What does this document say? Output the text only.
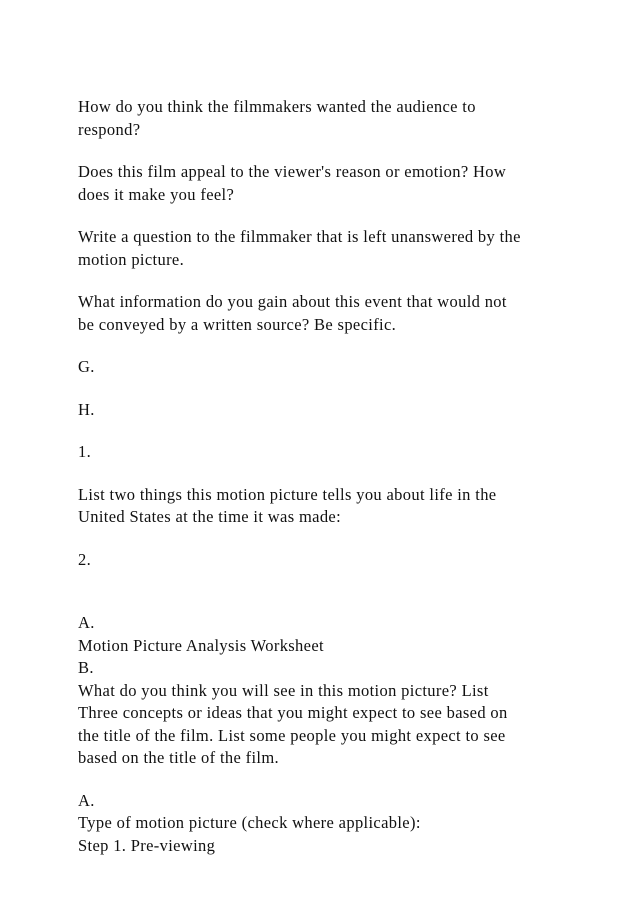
How do you think the filmmakers wanted the audience to
respond?

Does this film appeal to the viewer's reason or emotion? How
does it make you feel?

Write a question to the filmmaker that is left unanswered by the
motion picture.

What information do you gain about this event that would not
be conveyed by a written source? Be specific.

G.

H.

1.

List two things this motion picture tells you about life in the
United States at the time it was made:

2.

A.
Motion Picture Analysis Worksheet
B.
What do you think you will see in this motion picture? List
Three concepts or ideas that you might expect to see based on
the title of the film. List some people you might expect to see
based on the title of the film.

A.
Type of motion picture (check where applicable):
Step 1. Pre-viewing
